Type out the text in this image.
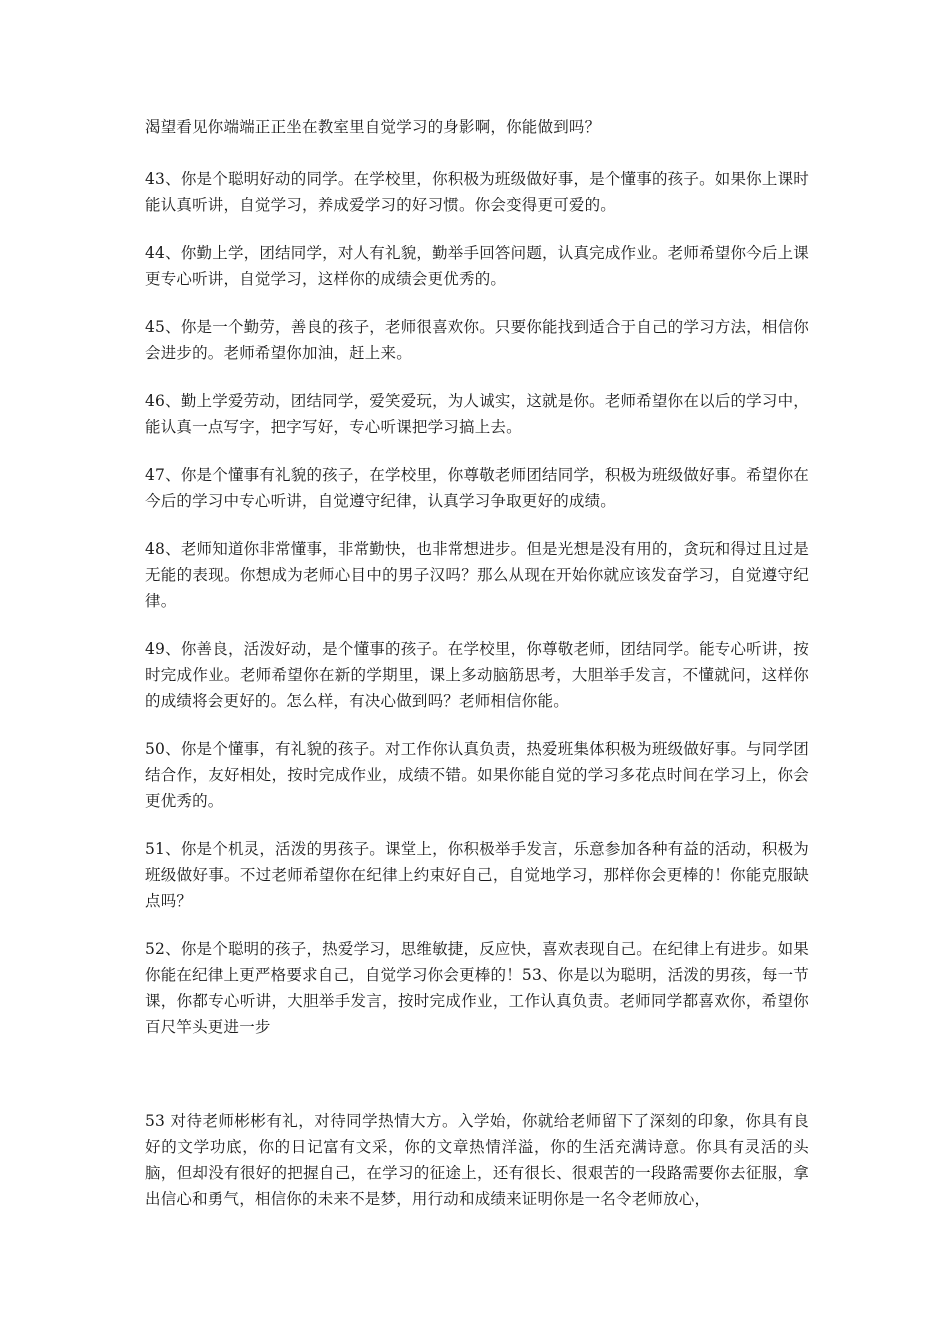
渴望看见你端端正正坐在教室里自觉学习的身影啊，你能做到吗？

43、你是个聪明好动的同学。在学校里，你积极为班级做好事，是个懂事的孩子。如果你上课时能认真听讲，自觉学习，养成爱学习的好习惯。你会变得更可爱的。

44、你勤上学，团结同学，对人有礼貌，勤举手回答问题，认真完成作业。老师希望你今后上课更专心听讲，自觉学习，这样你的成绩会更优秀的。

45、你是一个勤劳，善良的孩子，老师很喜欢你。只要你能找到适合于自己的学习方法，相信你会进步的。老师希望你加油，赶上来。

46、勤上学爱劳动，团结同学，爱笑爱玩，为人诚实，这就是你。老师希望你在以后的学习中，能认真一点写字，把字写好，专心听课把学习搞上去。

47、你是个懂事有礼貌的孩子，在学校里，你尊敬老师团结同学，积极为班级做好事。希望你在今后的学习中专心听讲，自觉遵守纪律，认真学习争取更好的成绩。

48、老师知道你非常懂事，非常勤快，也非常想进步。但是光想是没有用的，贪玩和得过且过是无能的表现。你想成为老师心目中的男子汉吗？那么从现在开始你就应该发奋学习，自觉遵守纪律。

49、你善良，活泼好动，是个懂事的孩子。在学校里，你尊敬老师，团结同学。能专心听讲，按时完成作业。老师希望你在新的学期里，课上多动脑筋思考，大胆举手发言，不懂就问，这样你的成绩将会更好的。怎么样，有决心做到吗？老师相信你能。

50、你是个懂事，有礼貌的孩子。对工作你认真负责，热爱班集体积极为班级做好事。与同学团结合作，友好相处，按时完成作业，成绩不错。如果你能自觉的学习多花点时间在学习上，你会更优秀的。

51、你是个机灵，活泼的男孩子。课堂上，你积极举手发言，乐意参加各种有益的活动，积极为班级做好事。不过老师希望你在纪律上约束好自己，自觉地学习，那样你会更棒的！你能克服缺点吗？

52、你是个聪明的孩子，热爱学习，思维敏捷，反应快，喜欢表现自己。在纪律上有进步。如果你能在纪律上更严格要求自己，自觉学习你会更棒的！53、你是以为聪明，活泼的男孩，每一节课，你都专心听讲，大胆举手发言，按时完成作业，工作认真负责。老师同学都喜欢你，希望你百尺竿头更进一步

53 对待老师彬彬有礼，对待同学热情大方。入学始，你就给老师留下了深刻的印象，你具有良好的文学功底，你的日记富有文采，你的文章热情洋溢，你的生活充满诗意。你具有灵活的头脑，但却没有很好的把握自己，在学习的征途上，还有很长、很艰苦的一段路需要你去征服，拿出信心和勇气，相信你的未来不是梦，用行动和成绩来证明你是一名令老师放心，
